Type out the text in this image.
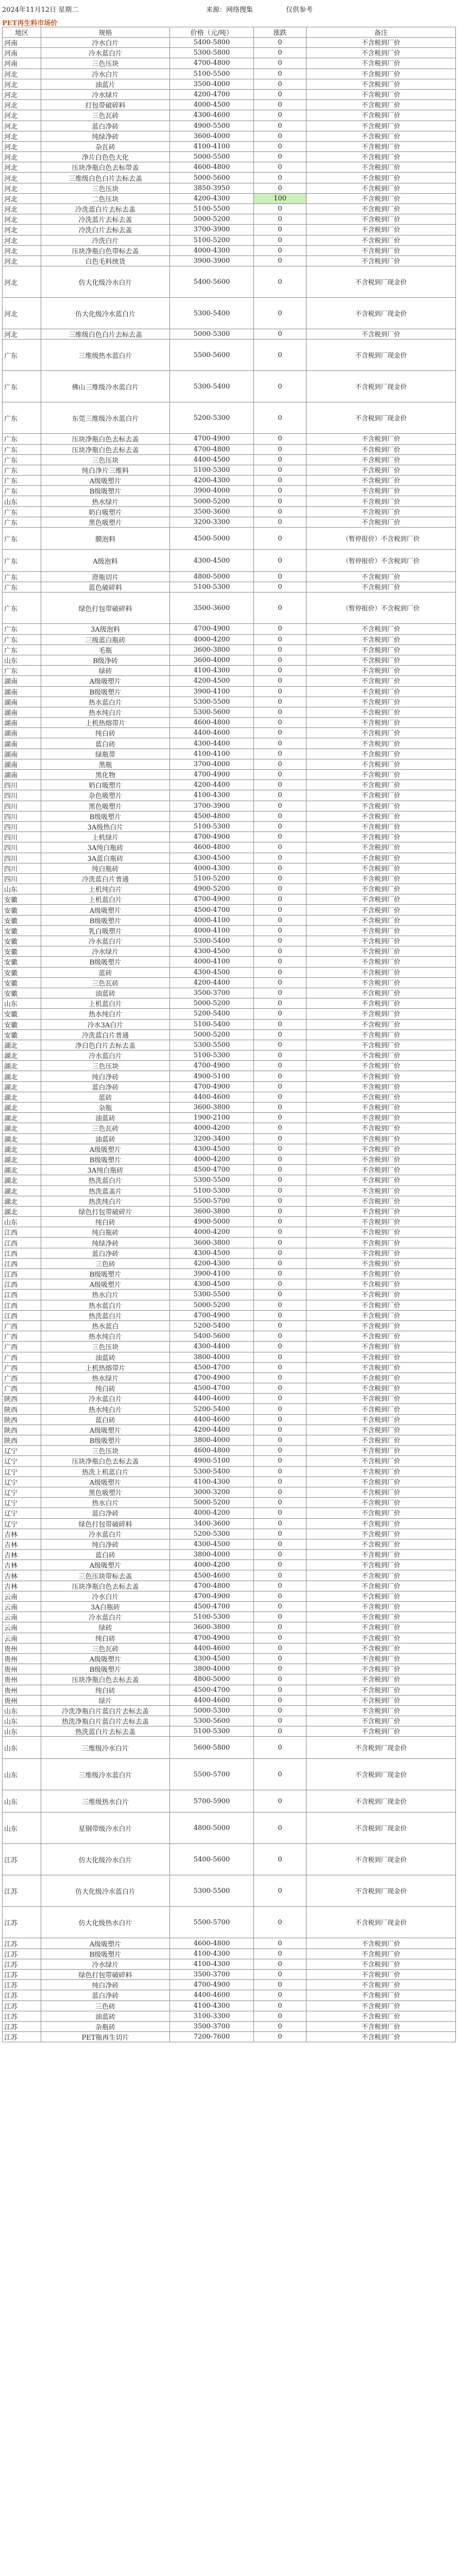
2024年11月12日 星期二	来源：网络搜集	仅供参考
PET再生料市场价
地区	规格	价格（元/吨）	涨跌	备注
河南	冷水白片	5400-5800	0	不含税到厂价
河南	冷水蓝白片	5300-5800	0	不含税到厂价
河南	三色压块	4700-4800	0	不含税到厂价
河北	冷水白片	5100-5500	0	不含税到厂价
河北	油蓝片	3500-4000	0	不含税到厂价
河北	冷水绿片	4200-4700	0	不含税到厂价
河北	打包带破碎料	4000-4500	0	不含税到厂价
河北	三色瓦砖	4300-4600	0	不含税到厂价
河北	蓝白净砖	4900-5500	0	不含税到厂价
河北	纯绿净砖	3600-4000	0	不含税到厂价
河北	杂瓦砖	4100-4100	0	不含税到厂价
河北	净片白色色大化	5000-5500	0	不含税到厂价
河北	压块净瓶白色去标带盖	4600-4800	0	不含税到厂价
河北	三维级白色白片去标去盖	5000-5600	0	不含税到厂价
河北	三色压块	3850-3950	0	不含税到厂价
河北	二色压块	4200-4300	100	不含税到厂价
河北	冷洗蓝白片去标去盖	5100-5500	0	不含税到厂价
河北	冷洗蓝片去标去盖	5000-5200	0	不含税到厂价
河北	冷洗白片去标去盖	3700-3900	0	不含税到厂价
河北	冷洗白片	5100-5200	0	不含税到厂价
河北	压块净瓶白色带标去盖	4000-4300	0	不含税到厂价
河北	白色毛料统货	3900-3900	0	不含税到厂价
河北	仿大化级冷水白片	5400-5600	0	不含税到厂现金价
河北	仿大化级冷水蓝白片	5300-5400	0	不含税到厂现金价
河北	三维级白色白片去标去盖	5000-5300	0	不含税到厂价
广东	三维级热水蓝白片	5500-5600	0	不含税到厂现金价
广东	佛山三维级冷水蓝白片	5300-5400	0	不含税到厂现金价
广东	东莞三维级冷水蓝白片	5200-5300	0	不含税到厂现金价
广东	压块净瓶白色去标去盖	4700-4900	0	不含税到厂价
广东	压块净瓶白色去标去盖	4700-4800	0	不含税到厂价
广东	三色压块	4400-4500	0	不含税到厂价
广东	纯白净片三维料	5100-5300	0	不含税到厂价
广东	A级吸塑片	4200-4300	0	不含税到厂价
广东	B级吸塑片	3900-4000	0	不含税到厂价
山东	热水绿片	5000-5200	0	不含税到厂价
广东	奶白吸塑片	3500-3600	0	不含税到厂价
广东	黑色吸塑片	3200-3300	0	不含税到厂价
广东	膜泡料	4500-5000	0	（暂停报价）不含税到厂价
广东	A级泡料	4300-4500	0	（暂停报价）不含税到厂价
广东	澄瓶切片	4800-5000	0	不含税到厂价
广东	蓝色破碎料	5100-5300	0	不含税到厂价
广东	绿色打包带破碎料	3500-3600	0	（暂停报价）不含税到厂价
广东	3A级泡料	4700-4900	0	不含税到厂价
广东	三级蓝白瓶砖	4000-4200	0	不含税到厂价
广东	毛瓶	3600-3800	0	不含税到厂价
山东	B级净砖	3600-4000	0	不含税到厂价
广东	绿砖	4100-4300	0	不含税到厂价
湖南	A级吸塑片	4200-4500	0	不含税到厂价
湖南	B级吸塑片	3900-4100	0	不含税到厂价
湖南	热水蓝白片	5300-5500	0	不含税到厂价
湖南	热水纯白片	5300-5600	0	不含税到厂价
湖南	上机热熔带片	4600-4800	0	不含税到厂价
湖南	纯白砖	4400-4600	0	不含税到厂价
湖南	蓝白砖	4300-4400	0	不含税到厂价
湖南	绿瓶带	4100-4100	0	不含税到厂价
湖南	黑瓶	3700-4000	0	不含税到厂价
湖南	黑化物	4700-4900	0	不含税到厂价
四川	奶白吸塑片	4200-4400	0	不含税到厂价
四川	杂色吸塑片	4100-4300	0	不含税到厂价
四川	黑色吸塑片	3700-3900	0	不含税到厂价
四川	B级吸塑片	4500-4800	0	不含税到厂价
四川	3A级热白片	5100-5300	0	不含税到厂价
四川	上机绿片	4700-4900	0	不含税到厂价
四川	3A纯白瓶砖	4600-4800	0	不含税到厂价
四川	3A蓝白瓶砖	4300-4500	0	不含税到厂价
四川	纯白瓶砖	4000-4300	0	不含税到厂价
四川	冷洗蓝白片普通	5100-5200	0	不含税到厂价
山东	上机纯白片	4900-5200	0	不含税到厂价
安徽	上机蓝白片	4700-4900	0	不含税到厂价
安徽	A级吸塑片	4500-4700	0	不含税到厂价
安徽	B级吸塑片	4000-4100	0	不含税到厂价
安徽	乳白吸塑片	4000-4100	0	不含税到厂价
安徽	冷水蓝白片	5300-5400	0	不含税到厂价
安徽	冷水绿片	4300-4500	0	不含税到厂价
安徽	B级吸塑片	4000-4100	0	不含税到厂价
安徽	蓝砖	4300-4500	0	不含税到厂价
安徽	三色瓦砖	4200-4400	0	不含税到厂价
安徽	油蓝砖	3500-3700	0	不含税到厂价
山东	上机蓝白片	5000-5200	0	不含税到厂价
安徽	热水纯白片	5200-5400	0	不含税到厂价
安徽	冷水3A白片	5100-5400	0	不含税到厂价
安徽	冷洗蓝白片普通	5000-5200	0	不含税到厂价
湖北	净白色白片去标去盖	5300-5500	0	不含税到厂价
湖北	冷水蓝白片	5100-5300	0	不含税到厂价
湖北	三色压块	4700-4900	0	不含税到厂价
湖北	纯白净砖	4900-5100	0	不含税到厂价
湖北	蓝白净砖	4700-4900	0	不含税到厂价
湖北	蓝砖	4400-4600	0	不含税到厂价
湖北	杂瓶	3600-3800	0	不含税到厂价
湖北	油蓝砖	1900-2100	0	不含税到厂价
湖北	三色瓦砖	4000-4200	0	不含税到厂价
湖北	油蓝砖	3200-3400	0	不含税到厂价
湖北	A级吸塑片	4300-4500	0	不含税到厂价
湖北	B级吸塑片	4000-4200	0	不含税到厂价
湖北	3A纯白瓶砖	4500-4700	0	不含税到厂价
湖北	热洗蓝白片	5300-5500	0	不含税到厂价
湖北	热洗蓝盖片	5100-5300	0	不含税到厂价
湖北	热洗纯白片	5500-5700	0	不含税到厂价
湖北	绿色打包带破碎片	3600-3800	0	不含税到厂价
山东	纯白砖	4900-5000	0	不含税到厂价
江西	纯白瓶砖	4000-4200	0	不含税到厂价
江西	纯绿净砖	3600-3800	0	不含税到厂价
江西	蓝白净砖	4300-4500	0	不含税到厂价
江西	三色砖	4200-4300	0	不含税到厂价
江西	B级吸塑片	3900-4100	0	不含税到厂价
江西	A级吸塑片	4300-4500	0	不含税到厂价
江西	热水白片	5300-5500	0	不含税到厂价
江西	热水蓝白片	5000-5200	0	不含税到厂价
江西	热洗蓝白片	4700-4900	0	不含税到厂价
广西	热水蓝白	5200-5400	0	不含税到厂价
广西	热水纯白片	5400-5600	0	不含税到厂价
广西	三色压块	4300-4400	0	不含税到厂价
广西	油蓝砖	3800-4000	0	不含税到厂价
广西	上机热熔带片	4500-4700	0	不含税到厂价
广西	热水绿片	4700-4900	0	不含税到厂价
广西	纯白砖	4500-4700	0	不含税到厂价
陕西	冷水蓝白片	4400-4600	0	不含税到厂价
陕西	热水纯白片	5200-5400	0	不含税到厂价
陕西	蓝白砖	4400-4600	0	不含税到厂价
陕西	A级吸塑片	4200-4400	0	不含税到厂价
陕西	B级吸塑片	3800-4000	0	不含税到厂价
辽宁	三色压块	4600-4800	0	不含税到厂价
辽宁	压块净瓶白色去标去盖	4900-5100	0	不含税到厂价
辽宁	热洗上机蓝白片	5300-5400	0	不含税到厂价
辽宁	A级吸塑片	4100-4300	0	不含税到厂价
辽宁	黑色吸塑片	3000-3200	0	不含税到厂价
辽宁	热水白片	5000-5200	0	不含税到厂价
辽宁	蓝白净砖	4000-4200	0	不含税到厂价
辽宁	绿色打包带破碎料	3400-3600	0	不含税到厂价
吉林	冷水蓝白片	5200-5300	0	不含税到厂价
吉林	纯白净砖	4300-4500	0	不含税到厂价
吉林	蓝白砖	3800-4000	0	不含税到厂价
吉林	A级吸塑片	4000-4200	0	不含税到厂价
吉林	三色压块带标去盖	4500-4600	0	不含税到厂价
吉林	压块净瓶白色去标去盖	4700-4800	0	不含税到厂价
云南	冷水白片	4700-4900	0	不含税到厂价
云南	3A白瓶砖	4500-4700	0	不含税到厂价
云南	冷水蓝白片	5100-5300	0	不含税到厂价
云南	绿砖	3600-3800	0	不含税到厂价
云南	纯白砖	4700-4900	0	不含税到厂价
贵州	三色瓦砖	4400-4600	0	不含税到厂价
贵州	A级吸塑片	4300-4500	0	不含税到厂价
贵州	B级吸塑片	3800-4000	0	不含税到厂价
贵州	压块净瓶白色去标去盖	4800-5000	0	不含税到厂价
贵州	纯白砖	4500-4700	0	不含税到厂价
贵州	绿片	4400-4600	0	不含税到厂价
山东	冷洗净瓶白片蓝白片去标去盖	5000-5300	0	不含税到厂价
山东	热洗净瓶白片蓝白片去标去盖	5300-5600	0	不含税到厂价
山东	热洗蓝白片去标去盖	5100-5300	0	不含税到厂价
山东	三维级冷水白片	5600-5800	0	不含税到厂现金价
山东	三维级冷水蓝白片	5500-5700	0	不含税到厂现金价
山东	三维级热水白片	5700-5900	0	不含税到厂现金价
山东	星钢带级冷水白片	4800-5000	0	不含税到厂现金价
江苏	仿大化级冷水白片	5400-5600	0	不含税到厂现金价
江苏	仿大化级冷水蓝白片	5300-5500	0	不含税到厂现金价
江苏	仿大化级热水白片	5500-5700	0	不含税到厂现金价
江苏	A级吸塑片	4600-4800	0	不含税到厂价
江苏	B级吸塑片	4100-4300	0	不含税到厂价
江苏	冷水绿片	4100-4300	0	不含税到厂价
江苏	绿色打包带破碎料	3500-3700	0	不含税到厂价
江苏	纯白净砖	4700-4900	0	不含税到厂价
江苏	蓝白净砖	4400-4600	0	不含税到厂价
江苏	三色砖	4100-4300	0	不含税到厂价
江苏	油蓝砖	3100-3300	0	不含税到厂价
江苏	杂瓶砖	3500-3700	0	不含税到厂价
江苏	PET瓶再生切片	7200-7600	0	不含税到厂价
